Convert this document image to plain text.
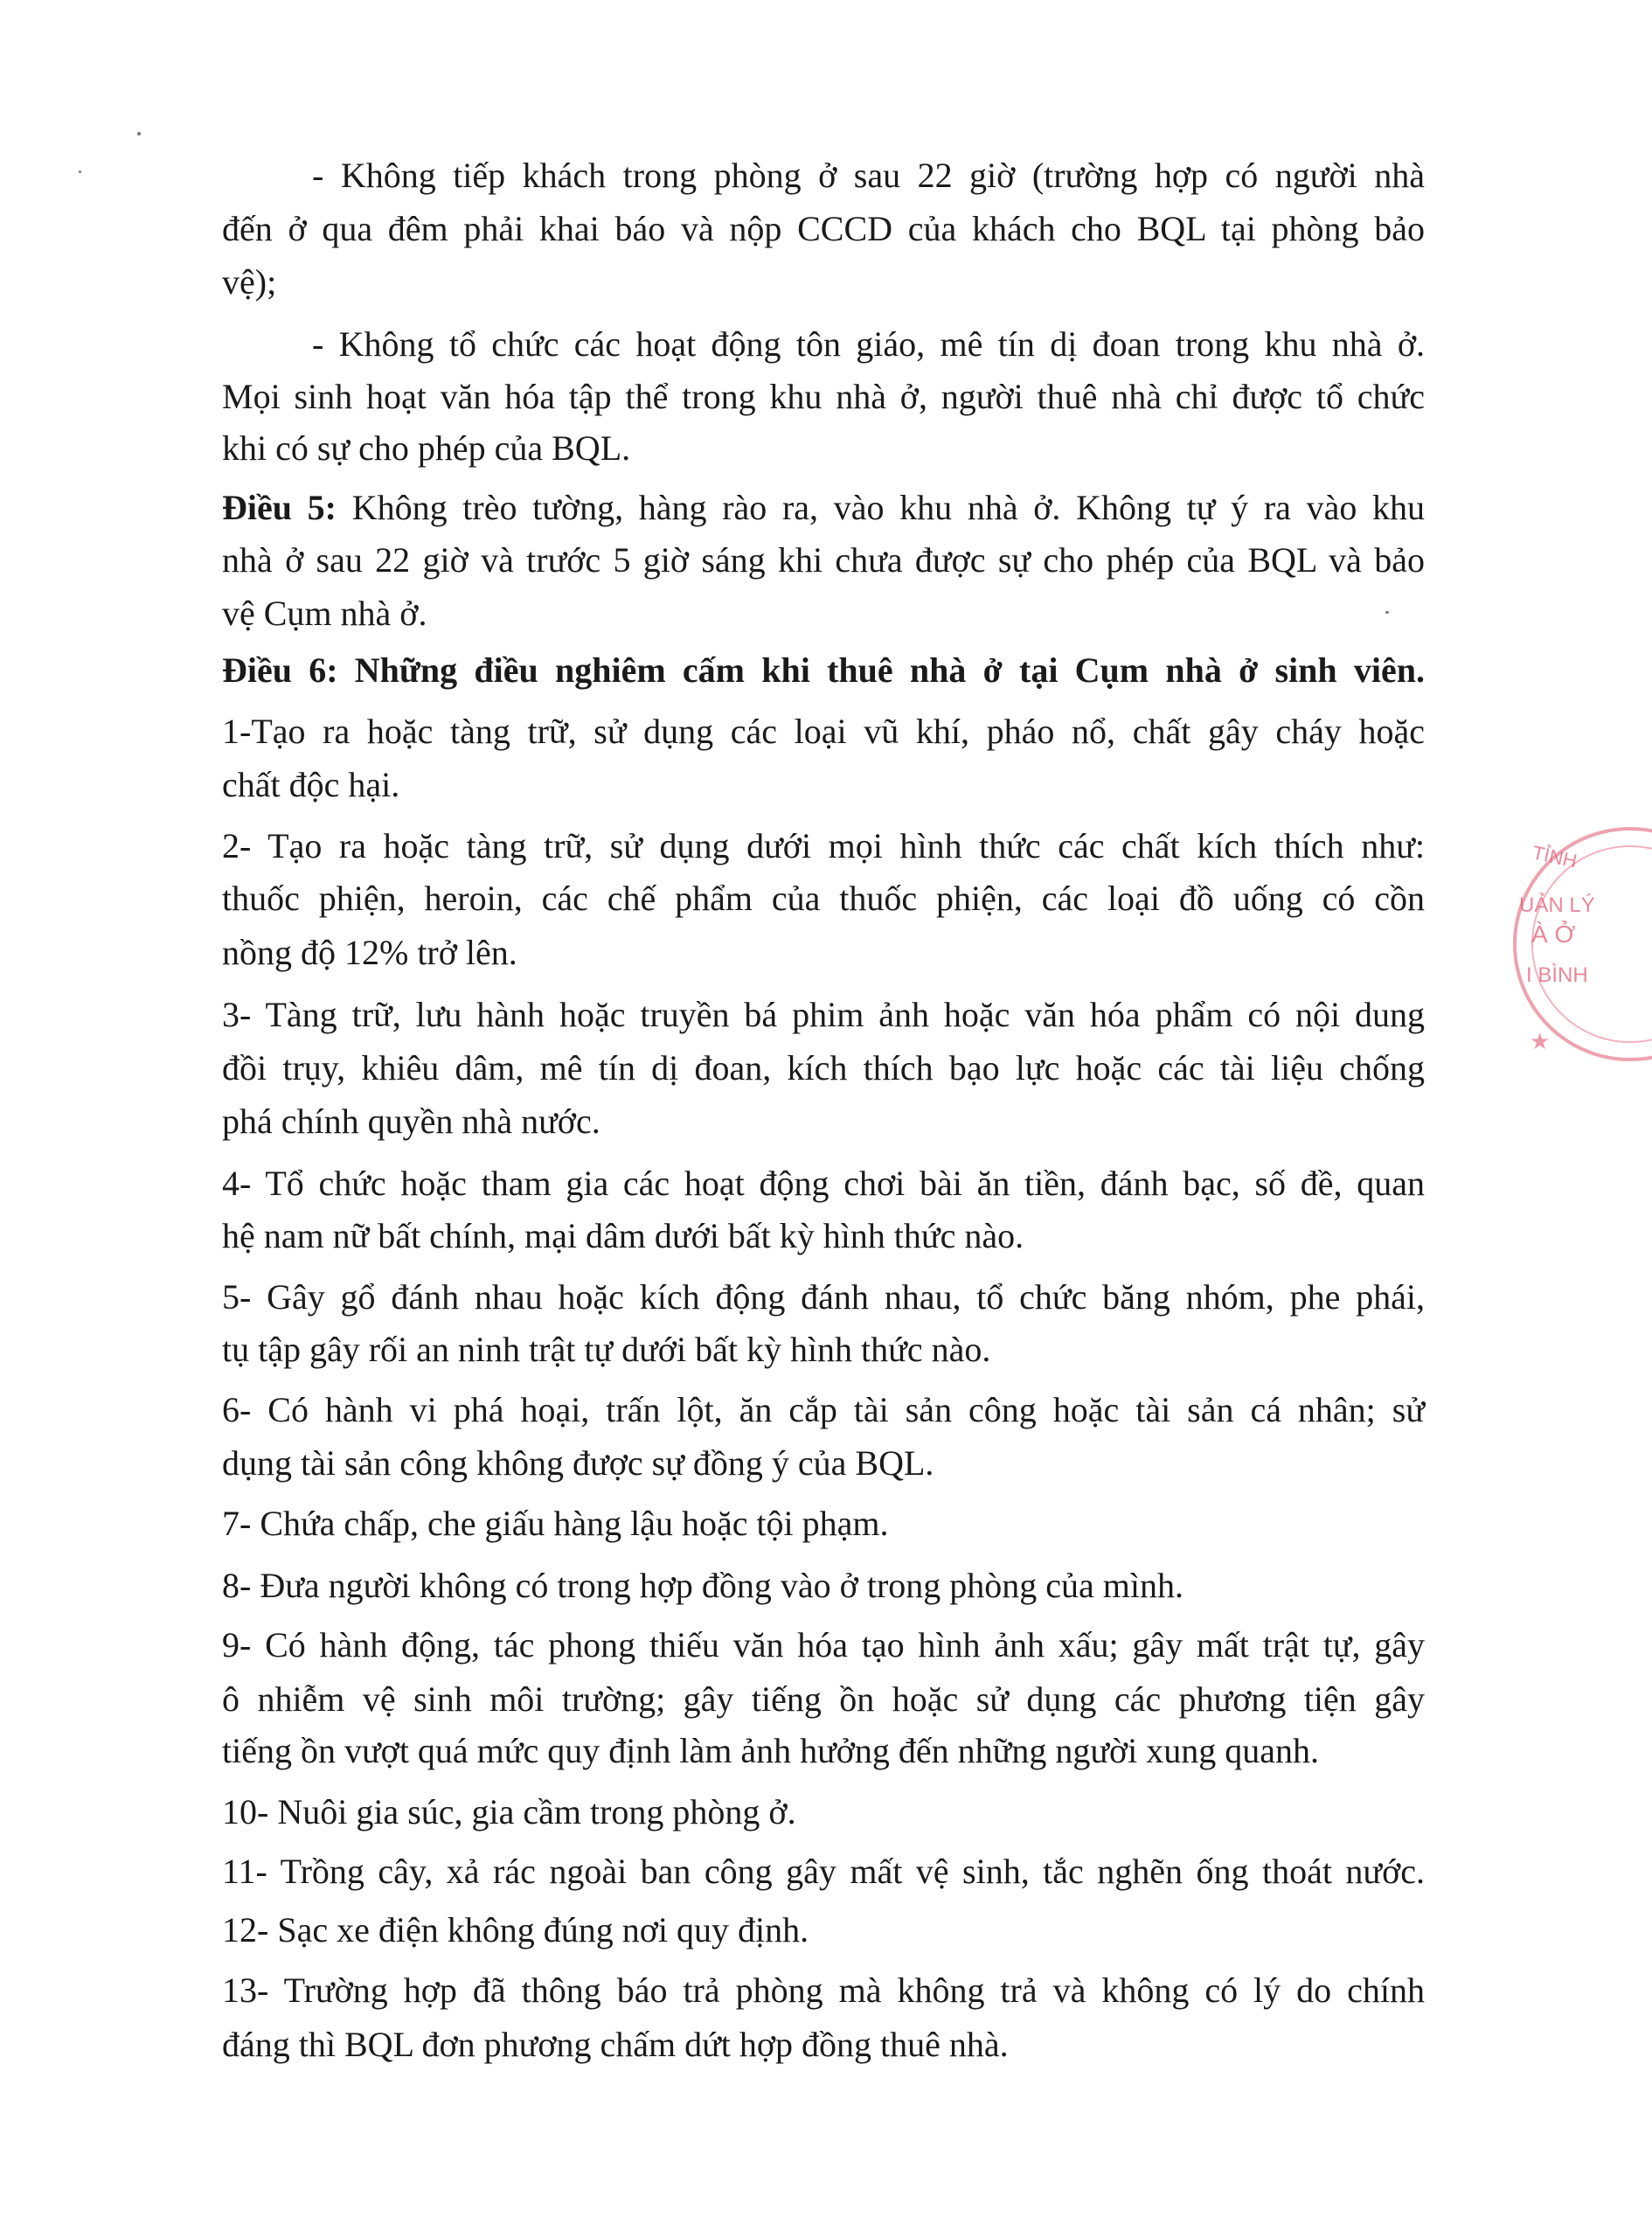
- Không tiếp khách trong phòng ở sau 22 giờ (trường hợp có người nhà
đến ở qua đêm phải khai báo và nộp CCCD của khách cho BQL tại phòng bảo
vệ);
- Không tổ chức các hoạt động tôn giáo, mê tín dị đoan trong khu nhà ở.
Mọi sinh hoạt văn hóa tập thể trong khu nhà ở, người thuê nhà chỉ được tổ chức
khi có sự cho phép của BQL.
Điều 5: Không trèo tường, hàng rào ra, vào khu nhà ở. Không tự ý ra vào khu
nhà ở sau 22 giờ và trước 5 giờ sáng khi chưa được sự cho phép của BQL và bảo
vệ Cụm nhà ở.
Điều 6: Những điều nghiêm cấm khi thuê nhà ở tại Cụm nhà ở sinh viên.
1-Tạo ra hoặc tàng trữ, sử dụng các loại vũ khí, pháo nổ, chất gây cháy hoặc
chất độc hại.
2- Tạo ra hoặc tàng trữ, sử dụng dưới mọi hình thức các chất kích thích như:
thuốc phiện, heroin, các chế phẩm của thuốc phiện, các loại đồ uống có cồn
nồng độ 12% trở lên.
3- Tàng trữ, lưu hành hoặc truyền bá phim ảnh hoặc văn hóa phẩm có nội dung
đồi trụy, khiêu dâm, mê tín dị đoan, kích thích bạo lực hoặc các tài liệu chống
phá chính quyền nhà nước.
4- Tổ chức hoặc tham gia các hoạt động chơi bài ăn tiền, đánh bạc, số đề, quan
hệ nam nữ bất chính, mại dâm dưới bất kỳ hình thức nào.
5- Gây gổ đánh nhau hoặc kích động đánh nhau, tổ chức băng nhóm, phe phái,
tụ tập gây rối an ninh trật tự dưới bất kỳ hình thức nào.
6- Có hành vi phá hoại, trấn lột, ăn cắp tài sản công hoặc tài sản cá nhân; sử
dụng tài sản công không được sự đồng ý của BQL.
7- Chứa chấp, che giấu hàng lậu hoặc tội phạm.
8- Đưa người không có trong hợp đồng vào ở trong phòng của mình.
9- Có hành động, tác phong thiếu văn hóa tạo hình ảnh xấu; gây mất trật tự, gây
ô nhiễm vệ sinh môi trường; gây tiếng ồn hoặc sử dụng các phương tiện gây
tiếng ồn vượt quá mức quy định làm ảnh hưởng đến những người xung quanh.
10- Nuôi gia súc, gia cầm trong phòng ở.
11- Trồng cây, xả rác ngoài ban công gây mất vệ sinh, tắc nghẽn ống thoát nước.
12- Sạc xe điện không đúng nơi quy định.
13- Trường hợp đã thông báo trả phòng mà không trả và không có lý do chính
đáng thì BQL đơn phương chấm dứt hợp đồng thuê nhà.
TỈNH
UẢN LÝ
À Ở
I BÌNH
★
